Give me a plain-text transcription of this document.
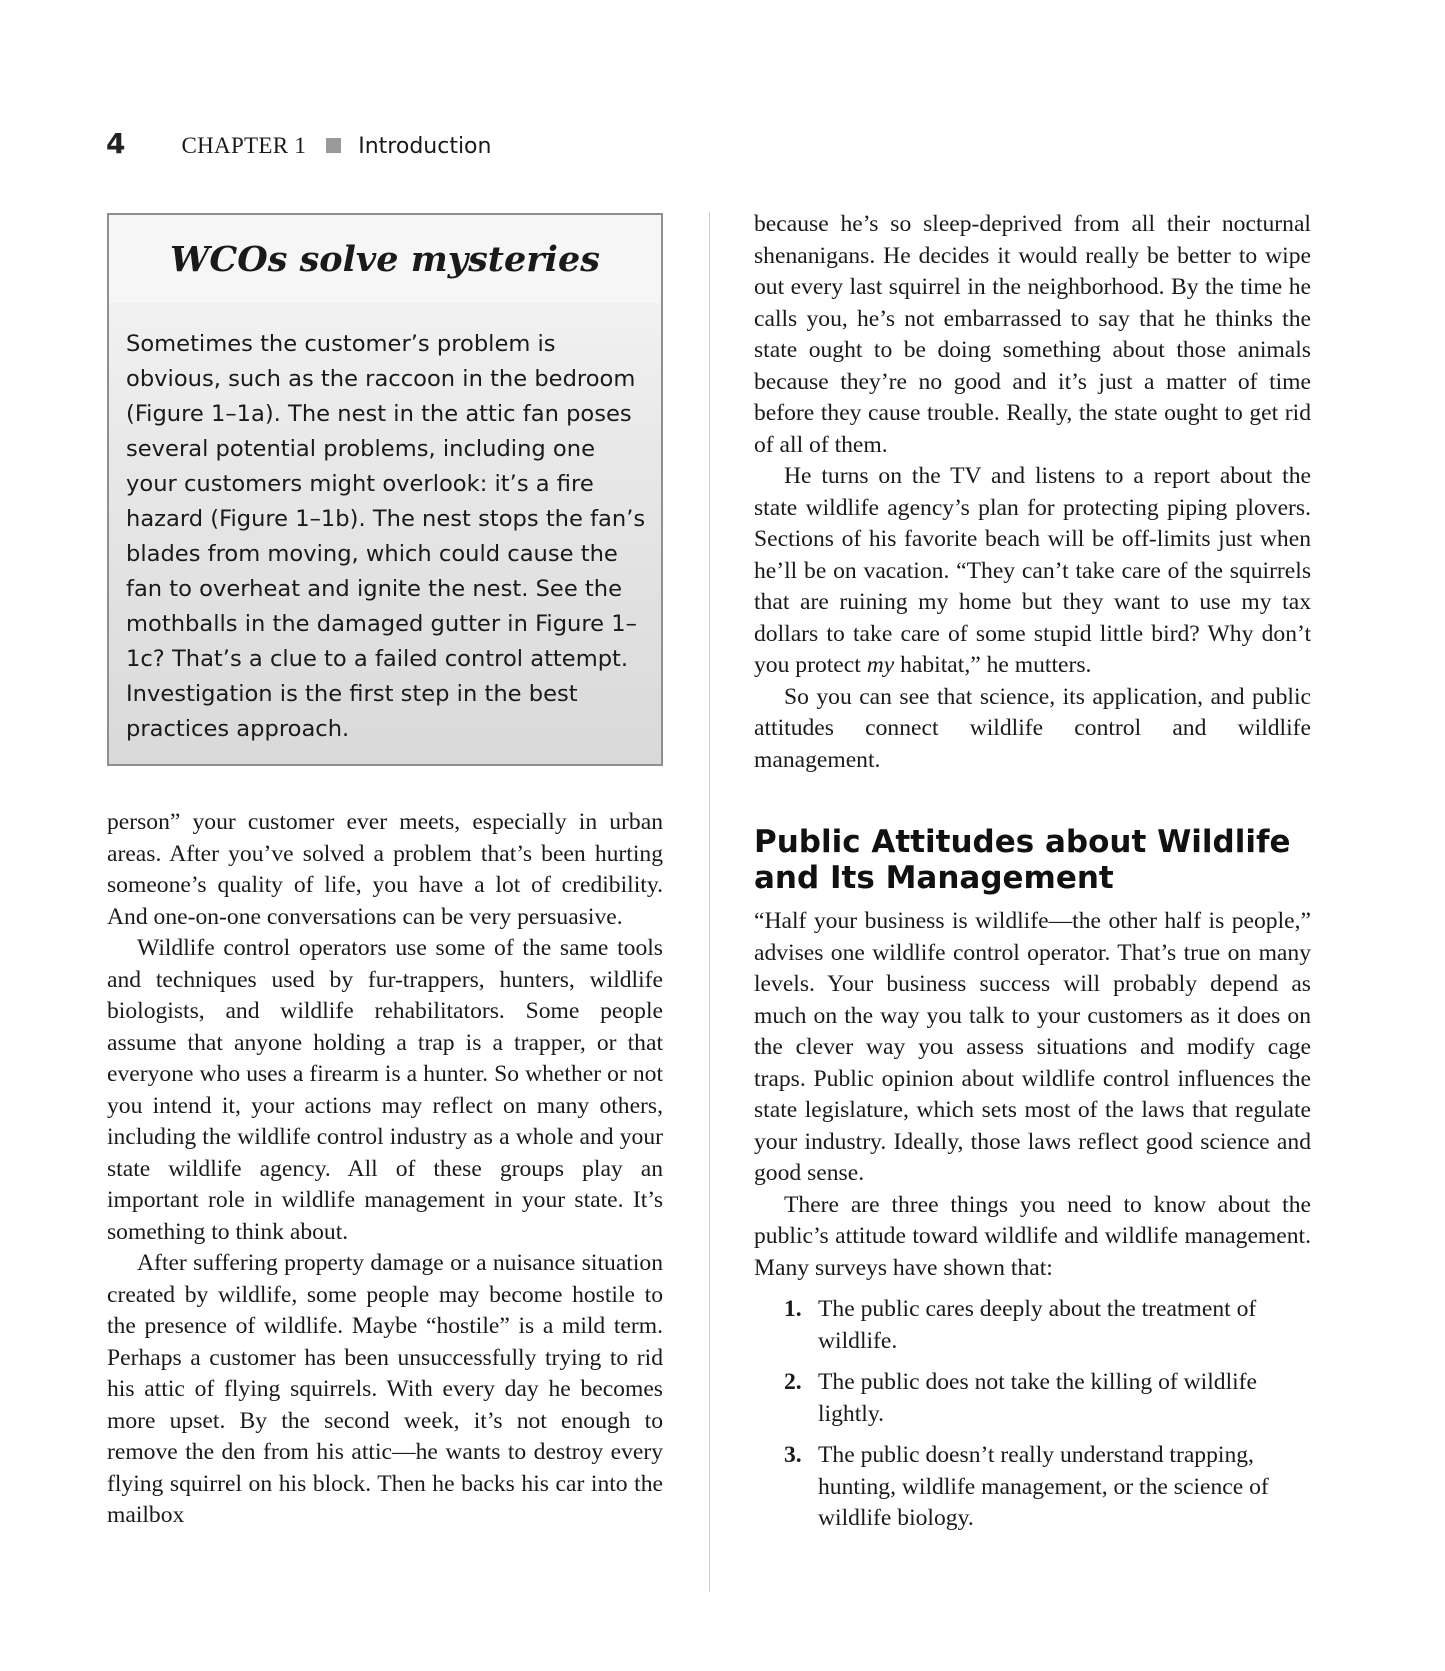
4 CHAPTER 1 Introduction
WCOs solve mysteries
Sometimes the customer’s problem is obvious, such as the raccoon in the bedroom (Figure 1–1a). The nest in the attic fan poses several potential problems, including one your customers might overlook: it’s a fire hazard (Figure 1–1b). The nest stops the fan’s blades from moving, which could cause the fan to overheat and ignite the nest. See the mothballs in the damaged gutter in Figure 1–1c? That’s a clue to a failed control attempt. Investigation is the first step in the best practices approach.

person” your customer ever meets, especially in urban areas. After you’ve solved a problem that’s been hurting someone’s quality of life, you have a lot of credibility. And one-on-one conversations can be very persuasive.

Wildlife control operators use some of the same tools and techniques used by fur-trappers, hunters, wildlife biologists, and wildlife rehabilitators. Some people assume that anyone holding a trap is a trapper, or that everyone who uses a firearm is a hunter. So whether or not you intend it, your actions may reflect on many others, including the wildlife control industry as a whole and your state wildlife agency. All of these groups play an important role in wildlife management in your state. It’s something to think about.

After suffering property damage or a nuisance situation created by wildlife, some people may become hostile to the presence of wildlife. Maybe “hostile” is a mild term. Perhaps a customer has been unsuccessfully trying to rid his attic of flying squirrels. With every day he becomes more upset. By the second week, it’s not enough to remove the den from his attic—he wants to destroy every flying squirrel on his block. Then he backs his car into the mailbox

because he’s so sleep-deprived from all their nocturnal shenanigans. He decides it would really be better to wipe out every last squirrel in the neighborhood. By the time he calls you, he’s not embarrassed to say that he thinks the state ought to be doing something about those animals because they’re no good and it’s just a matter of time before they cause trouble. Really, the state ought to get rid of all of them.

He turns on the TV and listens to a report about the state wildlife agency’s plan for protecting piping plovers. Sections of his favorite beach will be off-limits just when he’ll be on vacation. “They can’t take care of the squirrels that are ruining my home but they want to use my tax dollars to take care of some stupid little bird? Why don’t you protect my habitat,” he mutters.

So you can see that science, its application, and public attitudes connect wildlife control and wildlife management.

Public Attitudes about Wildlife and Its Management

“Half your business is wildlife—the other half is people,” advises one wildlife control operator. That’s true on many levels. Your business success will probably depend as much on the way you talk to your customers as it does on the clever way you assess situations and modify cage traps. Public opinion about wildlife control influences the state legislature, which sets most of the laws that regulate your industry. Ideally, those laws reflect good science and good sense.

There are three things you need to know about the public’s attitude toward wildlife and wildlife management. Many surveys have shown that:

1. The public cares deeply about the treatment of wildlife.
2. The public does not take the killing of wildlife lightly.
3. The public doesn’t really understand trapping, hunting, wildlife management, or the science of wildlife biology.
